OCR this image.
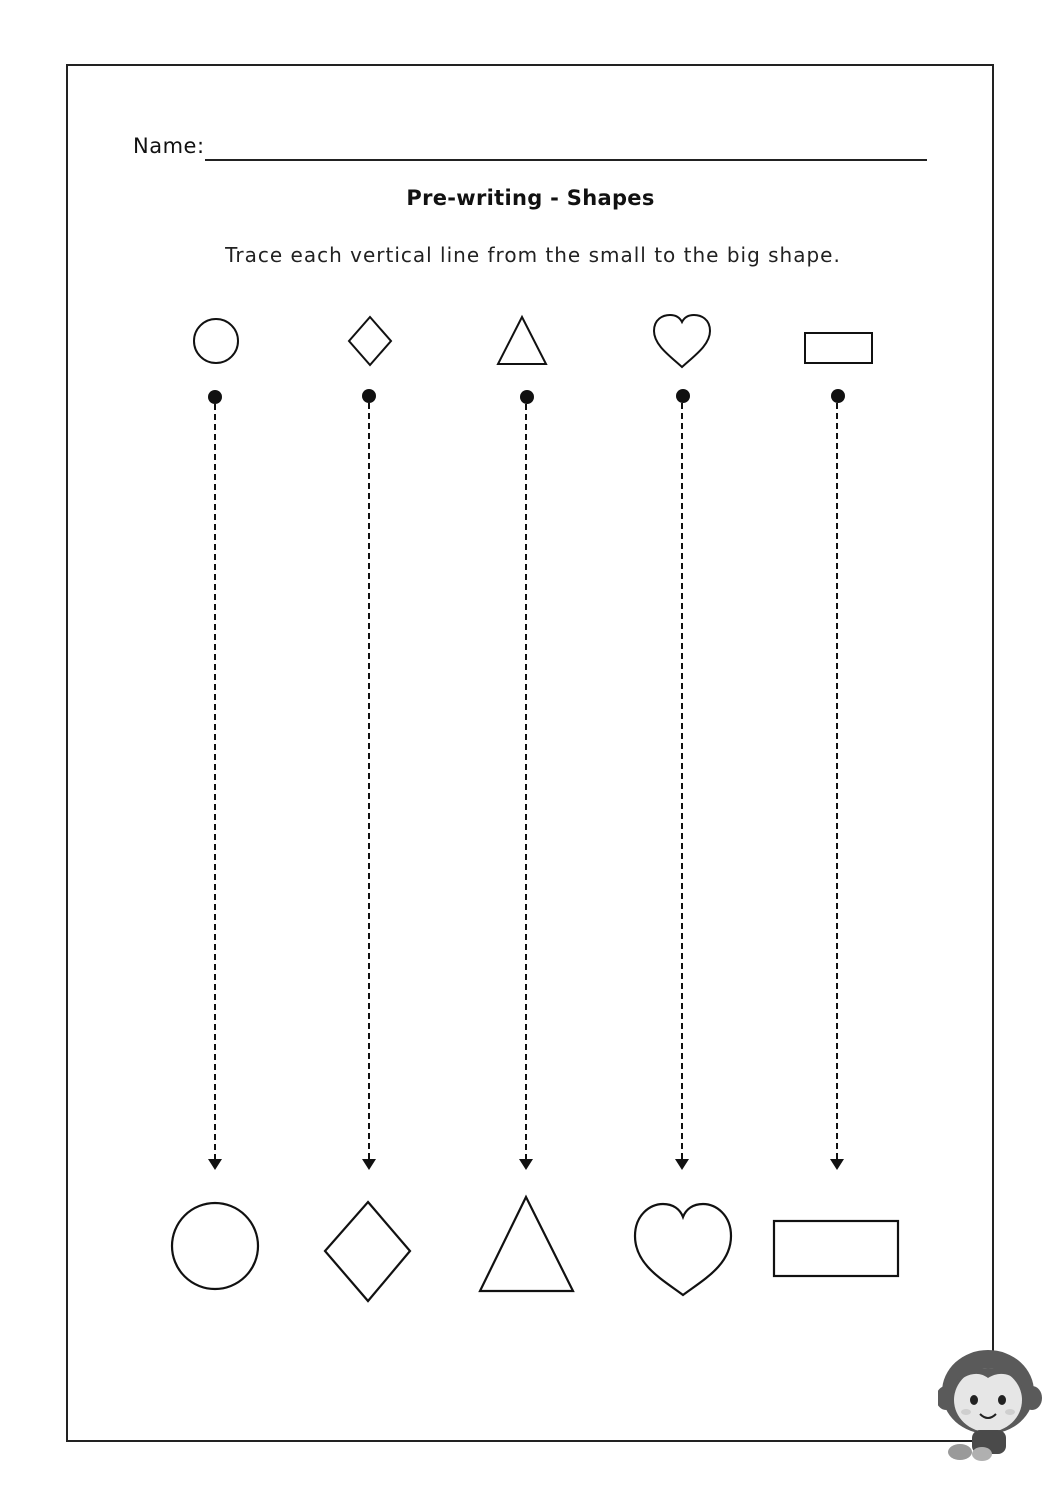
Name:
Pre-writing - Shapes
Trace each vertical line from the small to the big shape.
